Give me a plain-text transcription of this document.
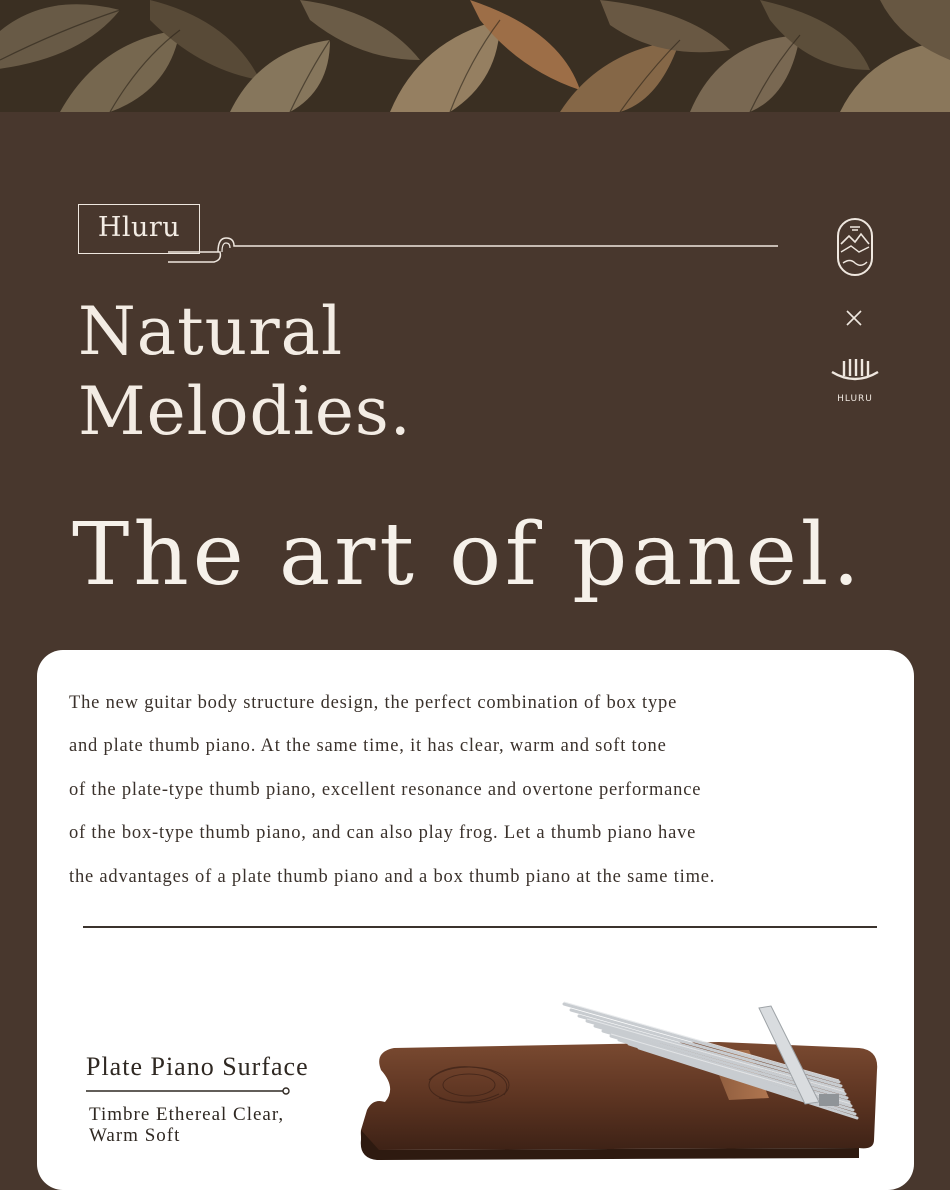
Hluru
Natural
Melodies.	HLURU
The art of panel.
The new guitar body structure design, the perfect combination of box type
and plate thumb piano. At the same time, it has clear, warm and soft tone
of the plate-type thumb piano, excellent resonance and overtone performance
of the box-type thumb piano, and can also play frog. Let a thumb piano have
the advantages of a plate thumb piano and a box thumb piano at the same time.
Plate Piano Surface
Timbre Ethereal Clear,
Warm Soft
